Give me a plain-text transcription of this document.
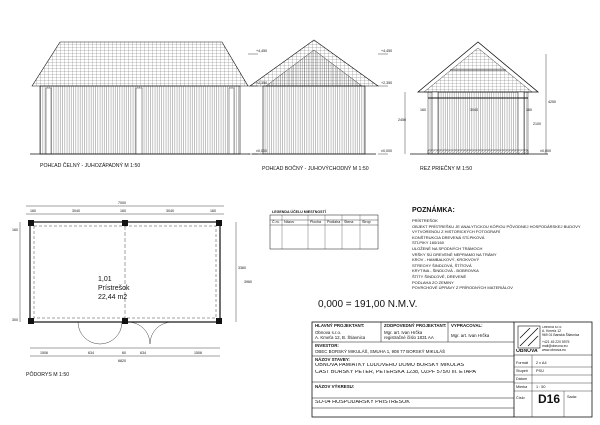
POHĽAD ČELNÝ - JUHOZÁPADNÝ M 1:50	POHĽAD BOČNÝ - JUHOVÝCHODNÝ M 1:50	REZ PRIEČNY M 1:50
PÔDORYS M 1:50
+4,450
+2,350
±0,000
+4,450
+2,350
±0,000	±0,000
160	3040	160
2450
2100
4250
7000
160	3040	160	3040	160
1,01
Prístrešok
22,44 m2
1506	634	60	634	1506
6820
3360
3960
160
300
LEGENDA ÚČELU MIESTNOSTÍ
Č.m. Názov	Plocha Podlaha Stena Strop
POZNÁMKA:
PRÍSTREŠOK
OBJEKT PRÍSTREŠKU JE ANALYTICKOU KÓPIOU PÔVODNEJ HOSPODÁRSKEJ BUDOVY
VYTVORENOU Z HISTORICKÝCH FOTOGRAFIÍ
KONŠTRUKCIA DREVENÁ STĹPIKOVÁ
STĹPIKY 160/160
ULOŽENÉ NA SPODNÝCH TRÁMOCH
VRŠKY SÚ DREVENÉ NEPRIAMO NA TRÁMY
KROV - HAMBALKOVÝ, KROKVOVÝ
STRECHY ŠINDĽOVÁ, ŠTÍTOVÁ
KRYTINA - ŠINDĽOVÁ - BOBROVKA
ŠTÍTY ŠINDĽOVÉ, DREVENÉ
PODLAHA ZO ZEMINY
POVRCHOVÉ ÚPRAVY Z PRÍRODNÝCH MATERIÁLOV
0,000 = 191,00 N.M.V.
HLAVNÝ PROJEKTANT:
Obnova s.r.o.
A. Kmeťa 12, B. Štiavnica
ZODPOVEDNÝ PROJEKTANT:
Mgr. art. Ivan Hrčka
registračné číslo 1831 AA
VYPRACOVAL:
Mgr. art. Ivan Hrčka
INVESTOR:
OBEC BORSKÝ MIKULÁŠ, SMUHA 1, 908 77 BORSKÝ MIKULÁŠ
NÁZOV STAVBY:
OBNOVA PAMIATKY ĽUDOVÉHO DOMU BORSKÝ MIKULÁŠ
ČASŤ BORSKÝ PETER, PETERSKÁ 1238, ÚZPF 575/0 III. ETAPA
NÁZOV VÝKRESU:
SO-04 HOSPODÁRSKY PRÍSTREŠOK
Obnova s.r.o.
A. Kmeťa 12
969 01 Banská Štiavnica

+421 45 220 5975
mail@obnova.eu
www.obnova.eu
OBNOVA
Formát 2 x A4
Stupeň PSÚ
Dátum
Mierka 1 : 50
Číslo D16 Sada:
